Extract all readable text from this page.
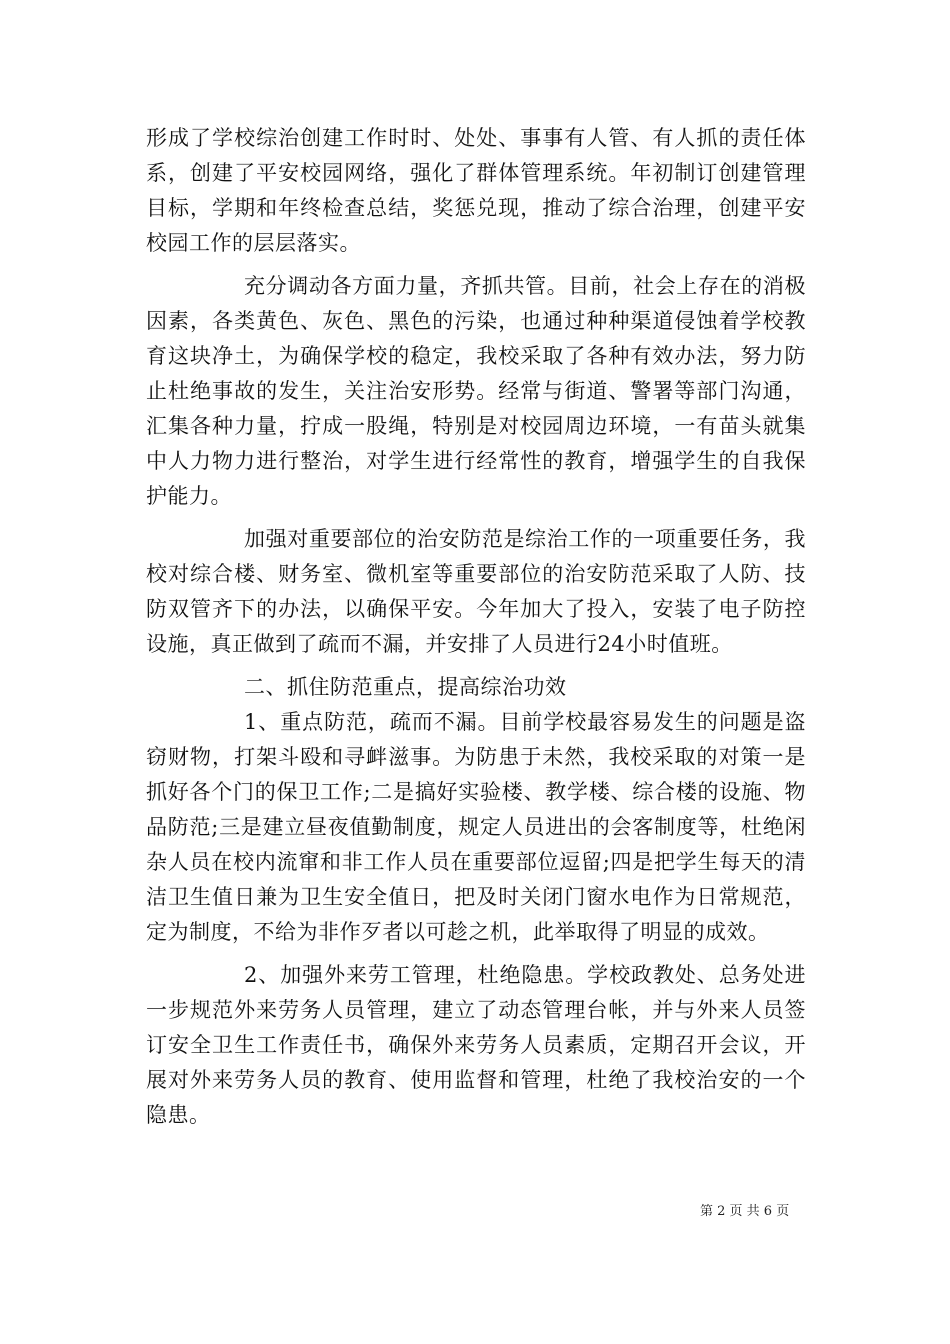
形成了学校综治创建工作时时、处处、事事有人管、有人抓的责任体系，创建了平安校园网络，强化了群体管理系统。年初制订创建管理目标，学期和年终检查总结，奖惩兑现，推动了综合治理，创建平安校园工作的层层落实。

充分调动各方面力量，齐抓共管。目前，社会上存在的消极因素，各类黄色、灰色、黑色的污染，也通过种种渠道侵蚀着学校教育这块净土，为确保学校的稳定，我校采取了各种有效办法，努力防止杜绝事故的发生，关注治安形势。经常与街道、警署等部门沟通，汇集各种力量，拧成一股绳，特别是对校园周边环境，一有苗头就集中人力物力进行整治，对学生进行经常性的教育，增强学生的自我保护能力。

加强对重要部位的治安防范是综治工作的一项重要任务，我校对综合楼、财务室、微机室等重要部位的治安防范采取了人防、技防双管齐下的办法，以确保平安。今年加大了投入，安装了电子防控设施，真正做到了疏而不漏，并安排了人员进行24小时值班。

二、抓住防范重点，提高综治功效

1、重点防范，疏而不漏。目前学校最容易发生的问题是盗窃财物，打架斗殴和寻衅滋事。为防患于未然，我校采取的对策一是抓好各个门的保卫工作;二是搞好实验楼、教学楼、综合楼的设施、物品防范;三是建立昼夜值勤制度，规定人员进出的会客制度等，杜绝闲杂人员在校内流窜和非工作人员在重要部位逗留;四是把学生每天的清洁卫生值日兼为卫生安全值日，把及时关闭门窗水电作为日常规范，定为制度，不给为非作歹者以可趁之机，此举取得了明显的成效。

2、加强外来劳工管理，杜绝隐患。学校政教处、总务处进一步规范外来劳务人员管理，建立了动态管理台帐，并与外来人员签订安全卫生工作责任书，确保外来劳务人员素质，定期召开会议，开展对外来劳务人员的教育、使用监督和管理，杜绝了我校治安的一个隐患。

第 2 页 共 6 页
